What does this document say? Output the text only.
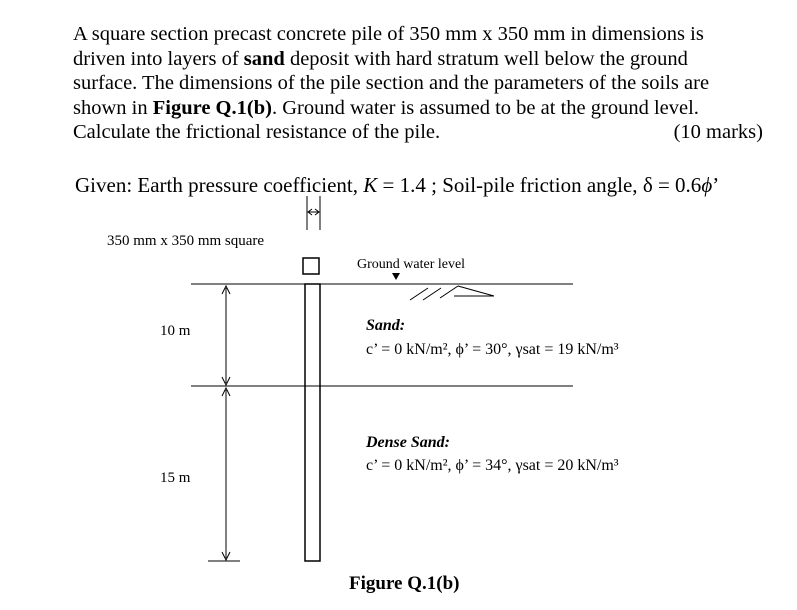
A square section precast concrete pile of 350 mm x 350 mm in dimensions is
driven into layers of sand deposit with hard stratum well below the ground
surface. The dimensions of the pile section and the parameters of the soils are
shown in Figure Q.1(b). Ground water is assumed to be at the ground level.
Calculate the frictional resistance of the pile.	(10 marks)
Given: Earth pressure coefficient, K = 1.4 ; Soil-pile friction angle, δ = 0.6ϕ’
350 mm x 350 mm square
Ground water level
10 m
15 m
Sand:
c’ = 0 kN/m², ϕ’ = 30°, γsat = 19 kN/m³
Dense Sand:
c’ = 0 kN/m², ϕ’ = 34°, γsat = 20 kN/m³
Figure Q.1(b)
